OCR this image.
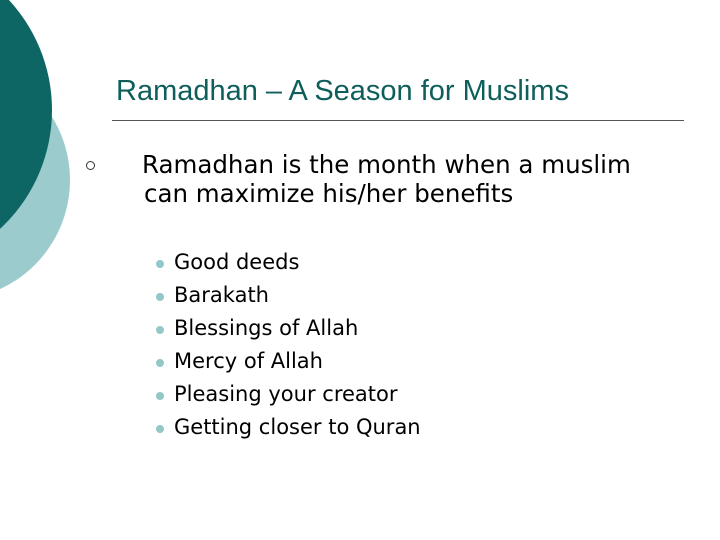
Ramadhan – A Season for Muslims
Ramadhan is the month when a muslim can maximize his/her benefits
Good deeds
Barakath
Blessings of Allah
Mercy of Allah
Pleasing your creator
Getting closer to Quran
